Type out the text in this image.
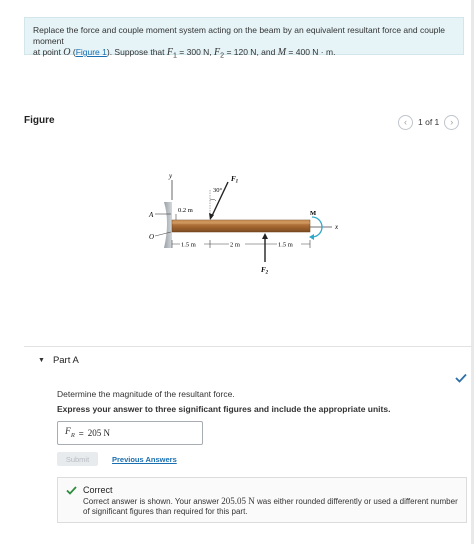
Replace the force and couple moment system acting on the beam by an equivalent resultant force and couple moment
at point O (Figure 1). Suppose that $F_1 = 300$ N, $F_2 = 120$ N, and M = 400 N · m.
Figure	‹	1 of 1	›
y
A
O
0.2 m
x
M
30°
$F_1$
1.5 m	2 m	1.5 m
$F_2$
▼ Part A
Determine the magnitude of the resultant force.
Express your answer to three significant figures and include the appropriate units.
$F_R = 205$ N
Submit	Previous Answers
Correct
Correct answer is shown. Your answer 205.05 N was either rounded differently or used a different number
of significant figures than required for this part.
